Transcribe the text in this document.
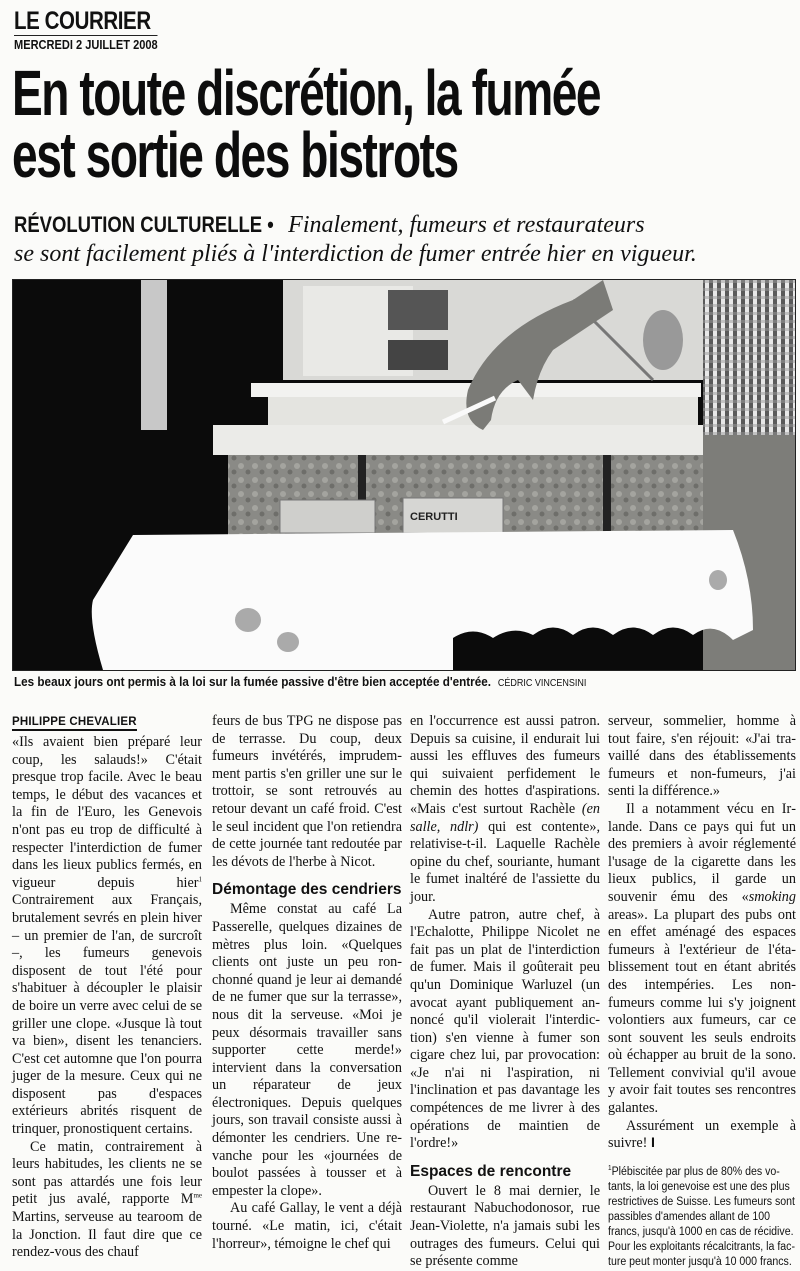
LE COURRIER
MERCREDI 2 JUILLET 2008
En toute discrétion, la fumée
est sortie des bistrots
RÉVOLUTION CULTURELLE • Finalement, fumeurs et restaurateurs
se sont facilement pliés à l'interdiction de fumer entrée hier en vigueur.
CERUTTI
Les beaux jours ont permis à la loi sur la fumée passive d'être bien acceptée d'entrée. CÉDRIC VINCENSINI
PHILIPPE CHEVALIER

«Ils avaient bien préparé leur coup, les salauds!» C'était presque trop facile. Avec le beau temps, le début des vacances et la fin de l'Euro, les Genevois n'ont pas eu trop de difficulté à respecter l'interdiction de fumer dans les lieux publics fermés, en vigueur depuis hier$^1$ Contrairement aux Français, brutalement sevrés en plein hiver – un premier de l'an, de surcroît –, les fumeurs genevois disposent de tout l'été pour s'habituer à découpler le plaisir de boire un verre avec celui de se griller une clope. «Jusque là tout va bien», disent les tenanciers. C'est cet automne que l'on pourra juger de la mesure. Ceux qui ne disposent pas d'espaces extérieurs abrités risquent de trinquer, pronostiquent certains.

Ce matin, contrairement à leurs habitudes, les clients ne se sont pas attardés une fois leur petit jus avalé, rapporte $M^{me}$ Martins, serveuse au tearoom de la Jonction. Il faut dire que ce rendez-vous des chauf

feurs de bus TPG ne dispose pas de terrasse. Du coup, deux fumeurs invétérés, imprudemment partis s'en griller une sur le trottoir, se sont retrouvés au retour devant un café froid. C'est le seul incident que l'on retiendra de cette journée tant redoutée par les dévots de l'herbe à Nicot.

Démontage des cendriers

Même constat au café La Passerelle, quelques dizaines de mètres plus loin. «Quelques clients ont juste un peu ronchonné quand je leur ai demandé de ne fumer que sur la terrasse», nous dit la serveuse. «Moi je peux désormais travailler sans supporter cette merde!» intervient dans la conversation un réparateur de jeux électroniques. Depuis quelques jours, son travail consiste aussi à démonter les cendriers. Une revanche pour les «journées de boulot passées à tousser et à empester la clope».

Au café Gallay, le vent a déjà tourné. «Le matin, ici, c'était l'horreur», témoigne le chef qui

en l'occurrence est aussi patron. Depuis sa cuisine, il endurait lui aussi les effluves des fumeurs qui suivaient perfidement le chemin des hottes d'aspirations. «Mais c'est surtout Rachèle (en salle, ndlr) qui est contente», relativise-t-il. Laquelle Rachèle opine du chef, souriante, humant le fumet inaltéré de l'assiette du jour.

Autre patron, autre chef, à l'Echalotte, Philippe Nicolet ne fait pas un plat de l'interdiction de fumer. Mais il goûterait peu qu'un Dominique Warluzel (un avocat ayant publiquement annoncé qu'il violerait l'interdiction) s'en vienne à fumer son cigare chez lui, par provocation: «Je n'ai ni l'aspiration, ni l'inclination et pas davantage les compétences de me livrer à des opérations de maintien de l'ordre!»

Espaces de rencontre

Ouvert le 8 mai dernier, le restaurant Nabuchodonosor, rue Jean-Violette, n'a jamais subi les outrages des fumeurs. Celui qui se présente comme

serveur, sommelier, homme à tout faire, s'en réjouit: «J'ai travaillé dans des établissements fumeurs et non-fumeurs, j'ai senti la différence.»

Il a notamment vécu en Irlande. Dans ce pays qui fut un des premiers à avoir réglementé l'usage de la cigarette dans les lieux publics, il garde un souvenir ému des «smoking areas». La plupart des pubs ont en effet aménagé des espaces fumeurs à l'extérieur de l'établissement tout en étant abrités des intempéries. Les non-fumeurs comme lui s'y joignent volontiers aux fumeurs, car ce sont souvent les seuls endroits où échapper au bruit de la sono. Tellement convivial qu'il avoue y avoir fait toutes ses rencontres galantes.

Assurément un exemple à suivre! I

$^1$Plébiscitée par plus de 80% des votants, la loi genevoise est une des plus restrictives de Suisse. Les fumeurs sont passibles d'amendes allant de 100 francs, jusqu'à 1000 en cas de récidive. Pour les exploitants récalcitrants, la facture peut monter jusqu'à 10 000 francs.
